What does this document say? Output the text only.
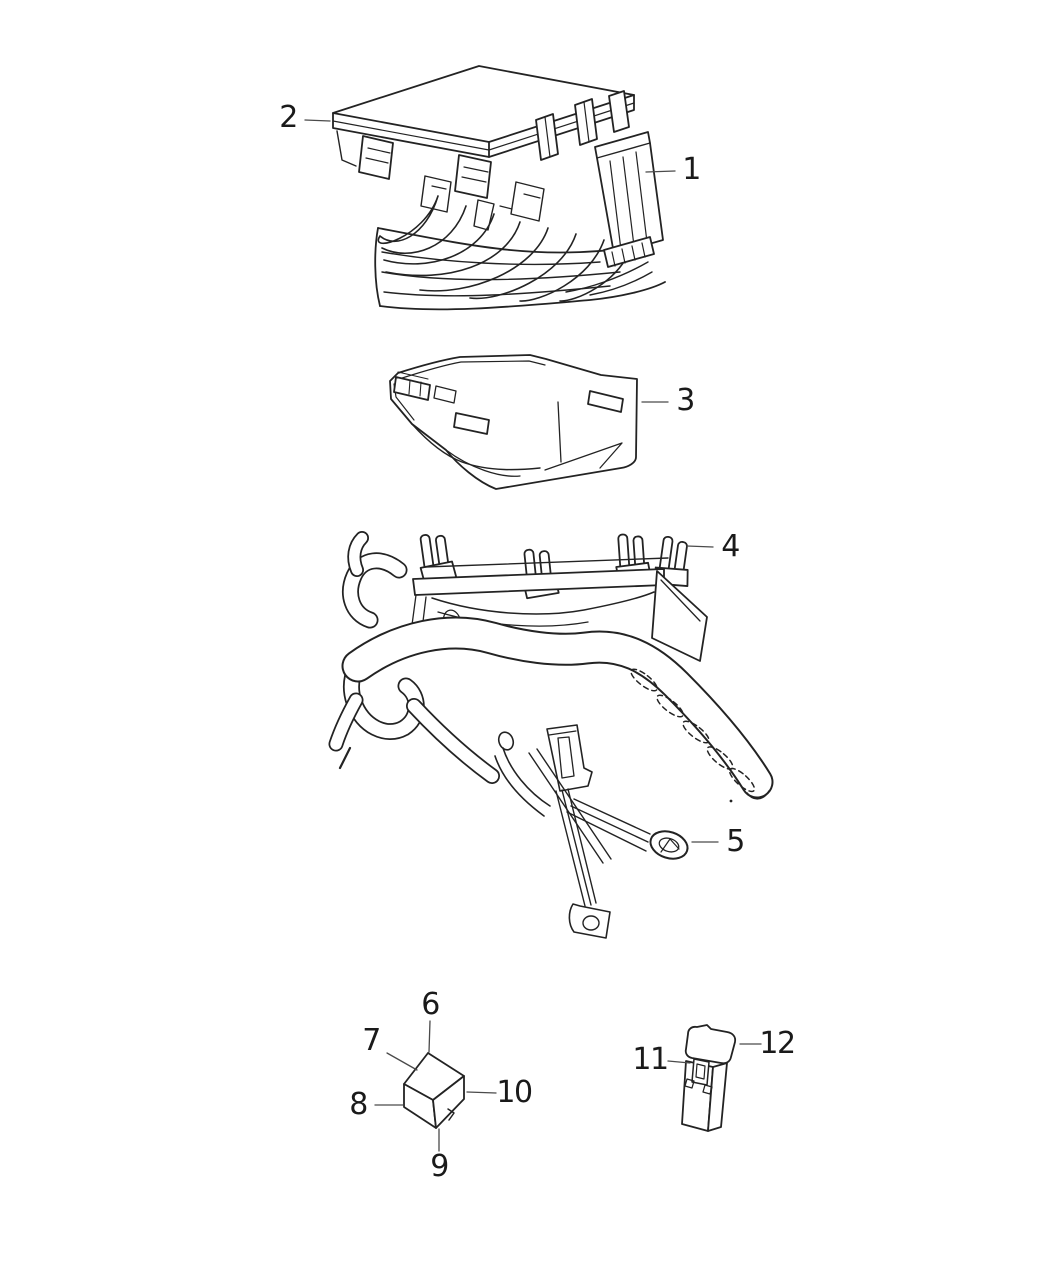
1
2
3
4
5
6
7
8
9
10
11	12
